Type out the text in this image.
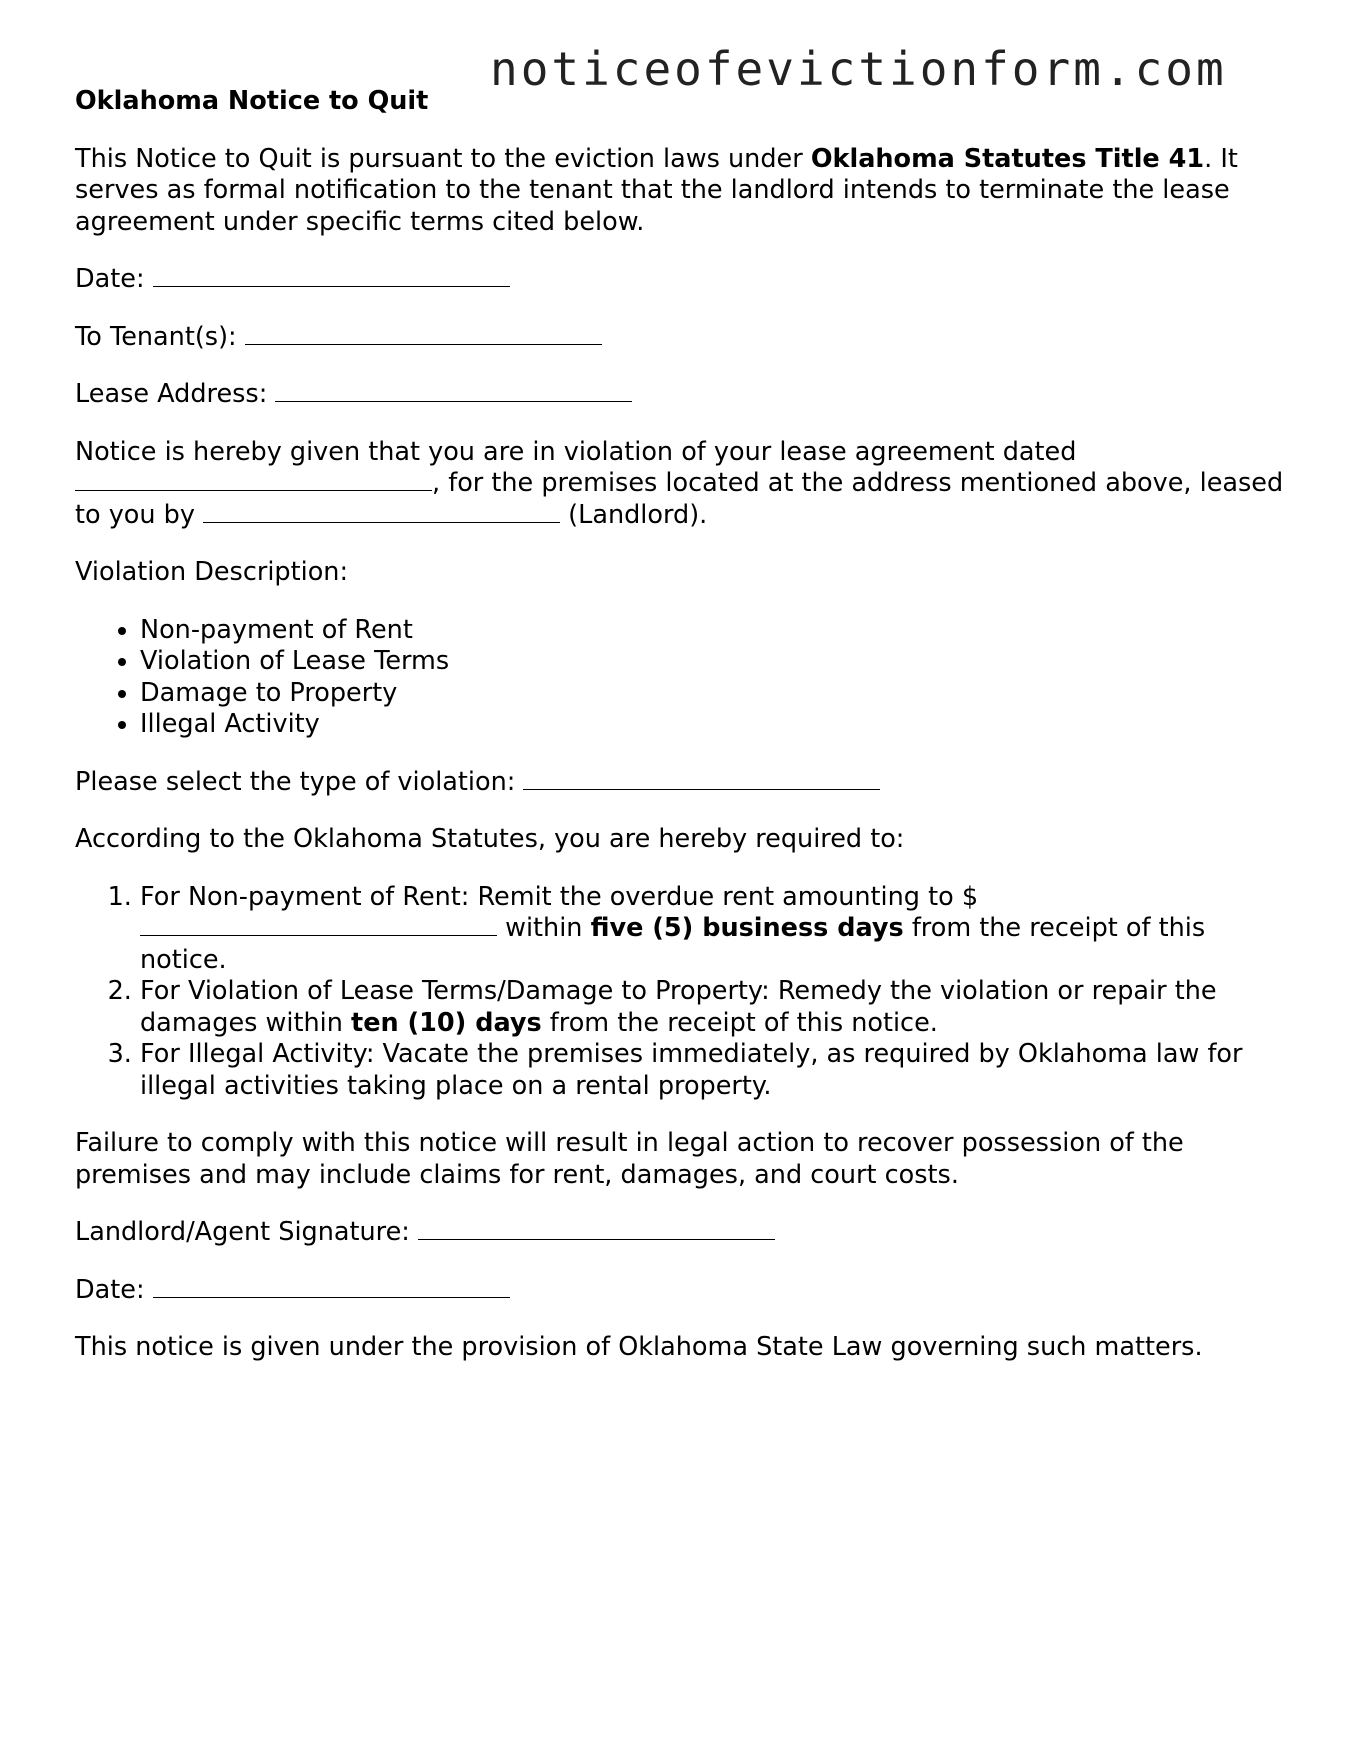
noticeofevictionform.com
Oklahoma Notice to Quit

This Notice to Quit is pursuant to the eviction laws under Oklahoma Statutes Title 41. It serves as formal notification to the tenant that the landlord intends to terminate the lease agreement under specific terms cited below.

Date:

To Tenant(s):

Lease Address:

Notice is hereby given that you are in violation of your lease agreement dated , for the premises located at the address mentioned above, leased to you by	(Landlord).

Violation Description:

• Non-payment of Rent
• Violation of Lease Terms
• Damage to Property
• Illegal Activity

Please select the type of violation:

According to the Oklahoma Statutes, you are hereby required to:

1. For Non-payment of Rent: Remit the overdue rent amounting to $ within five (5) business days from the receipt of this notice.
2. For Violation of Lease Terms/Damage to Property: Remedy the violation or repair the damages within ten (10) days from the receipt of this notice.
3. For Illegal Activity: Vacate the premises immediately, as required by Oklahoma law for illegal activities taking place on a rental property.

Failure to comply with this notice will result in legal action to recover possession of the premises and may include claims for rent, damages, and court costs.

Landlord/Agent Signature:

Date:

This notice is given under the provision of Oklahoma State Law governing such matters.
